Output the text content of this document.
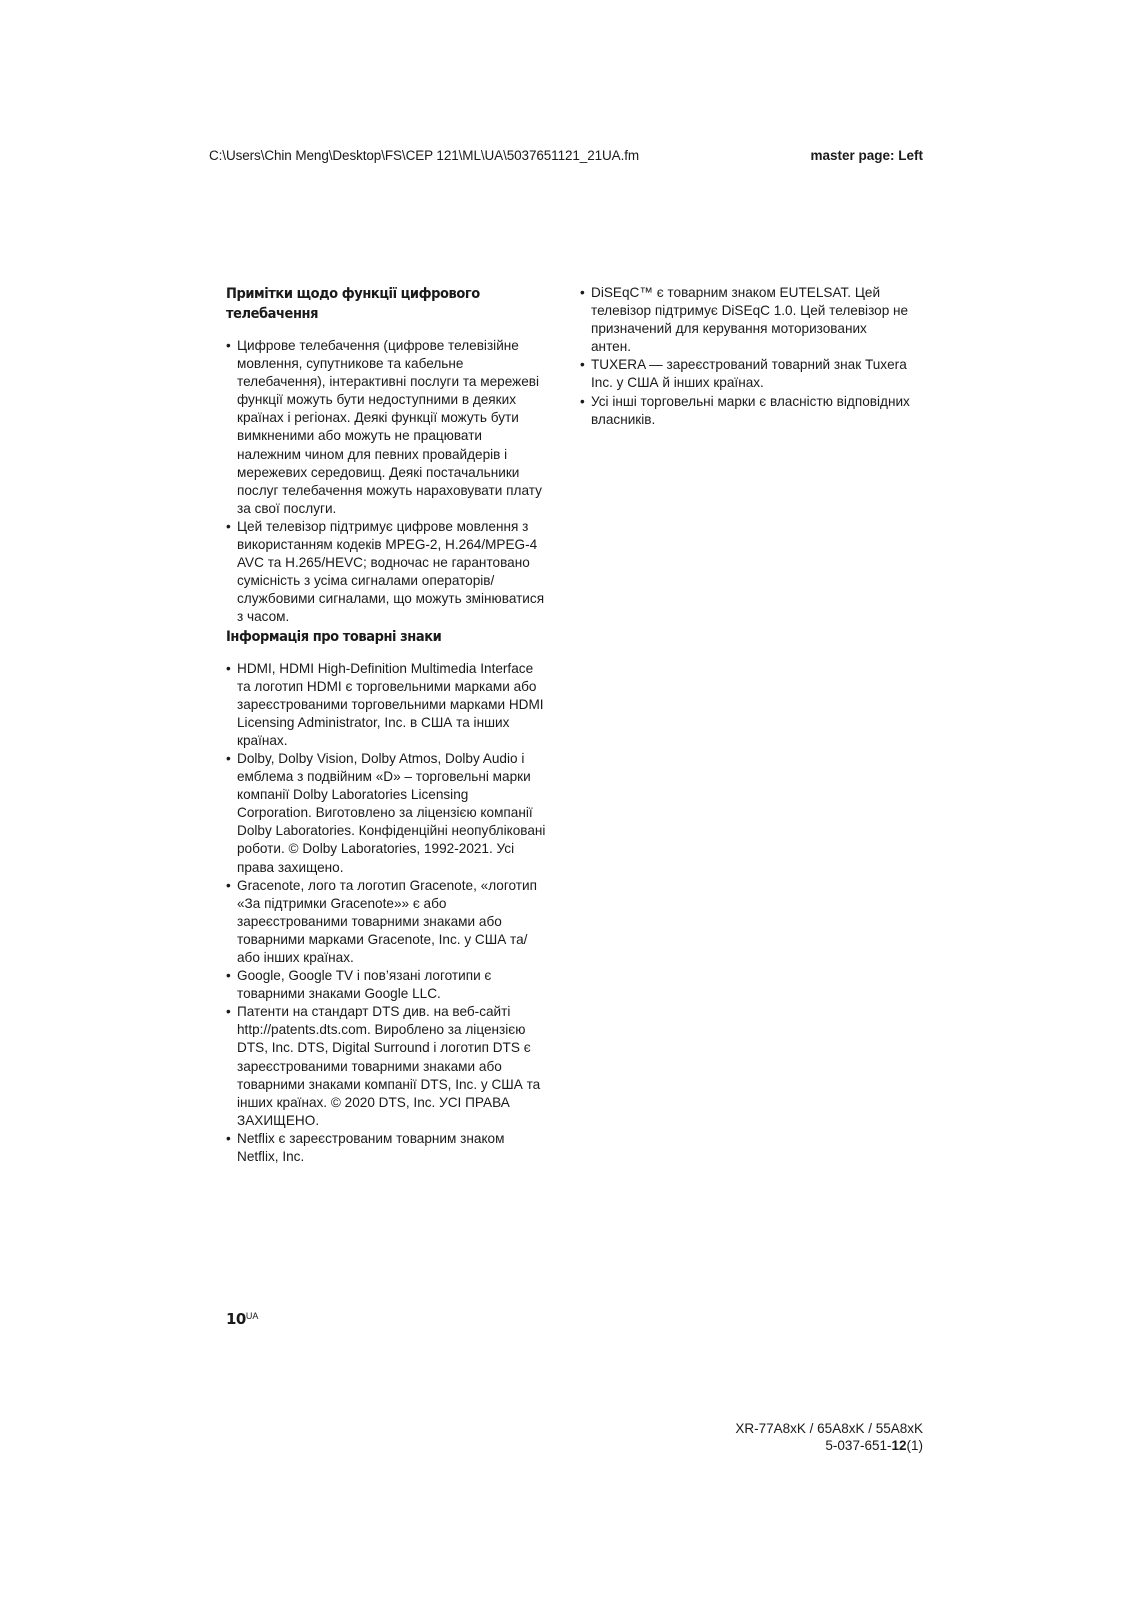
C:\Users\Chin Meng\Desktop\FS\CEP 121\ML\UA\5037651121_21UA.fm	master page: Left
Примітки щодо функції цифрового телебачення
• Цифрове телебачення (цифрове телевізійне мовлення, супутникове та кабельне телебачення), інтерактивні послуги та мережеві функції можуть бути недоступними в деяких країнах і регіонах. Деякі функції можуть бути вимкненими або можуть не працювати належним чином для певних провайдерів і мережевих середовищ. Деякі постачальники послуг телебачення можуть нараховувати плату за свої послуги.
• Цей телевізор підтримує цифрове мовлення з використанням кодеків MPEG-2, H.264/MPEG-4 AVC та H.265/HEVC; водночас не гарантовано сумісність з усіма сигналами операторів/службовими сигналами, що можуть змінюватися з часом.
Інформація про товарні знаки
• HDMI, HDMI High-Definition Multimedia Interface та логотип HDMI є торговельними марками або зареєстрованими торговельними марками HDMI Licensing Administrator, Inc. в США та інших країнах.
• Dolby, Dolby Vision, Dolby Atmos, Dolby Audio і емблема з подвійним «D» – торговельні марки компанії Dolby Laboratories Licensing Corporation. Виготовлено за ліцензією компанії Dolby Laboratories. Конфіденційні неопубліковані роботи. © Dolby Laboratories, 1992-2021. Усі права захищено.
• Gracenote, лого та логотип Gracenote, «логотип «За підтримки Gracenote»» є або зареєстрованими товарними знаками або товарними марками Gracenote, Inc. у США та/або інших країнах.
• Google, Google TV і пов’язані логотипи є товарними знаками Google LLC.
• Патенти на стандарт DTS див. на веб-сайті http://patents.dts.com. Вироблено за ліцензією DTS, Inc. DTS, Digital Surround і логотип DTS є зареєстрованими товарними знаками або товарними знаками компанії DTS, Inc. у США та інших країнах. © 2020 DTS, Inc. УСІ ПРАВА ЗАХИЩЕНО.
• Netflix є зареєстрованим товарним знаком Netflix, Inc.
• DiSEqC™ є товарним знаком EUTELSAT. Цей телевізор підтримує DiSEqC 1.0. Цей телевізор не призначений для керування моторизованих антен.
• TUXERA — зареєстрований товарний знак Tuxera Inc. у США й інших країнах.
• Усі інші торговельні марки є власністю відповідних власників.
$10^{UA}$
XR-77A8xK / 65A8xK / 55A8xK
5-037-651-12(1)
